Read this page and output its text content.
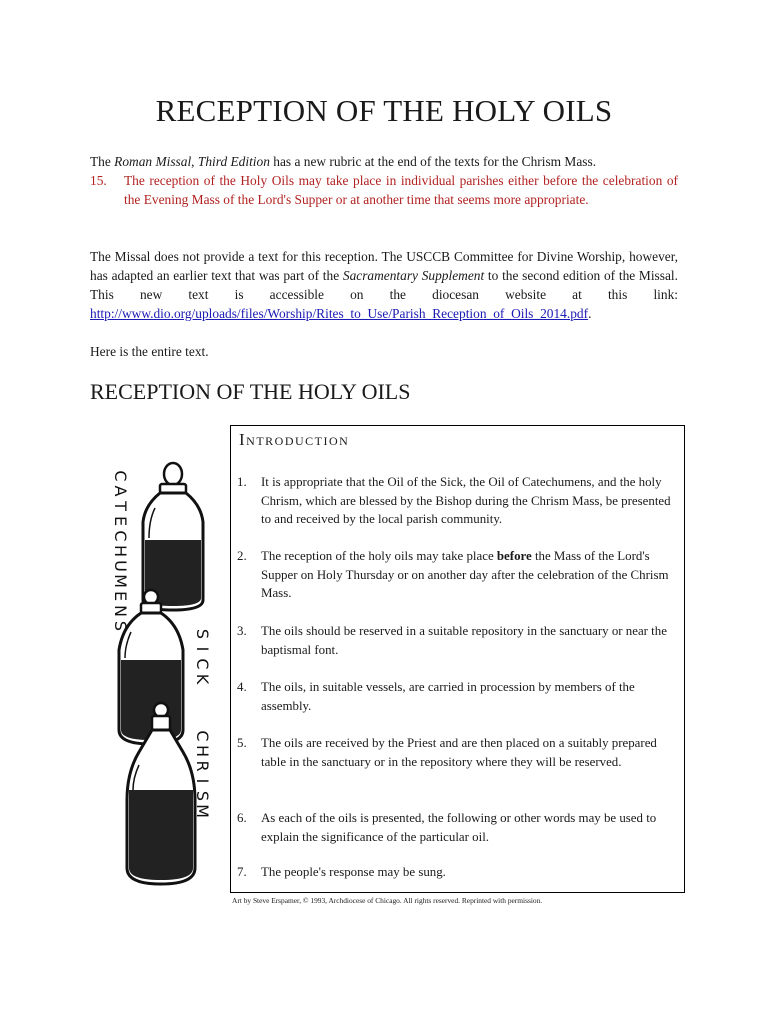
RECEPTION OF THE HOLY OILS

The Roman Missal, Third Edition has a new rubric at the end of the texts for the Chrism Mass.

15. The reception of the Holy Oils may take place in individual parishes either before the celebration of the Evening Mass of the Lord's Supper or at another time that seems more appropriate.

The Missal does not provide a text for this reception. The USCCB Committee for Divine Worship, however, has adapted an earlier text that was part of the Sacramentary Supplement to the second edition of the Missal. This new text is accessible on the diocesan website at this link: http://www.dio.org/uploads/files/Worship/Rites_to_Use/Parish_Reception_of_Oils_2014.pdf.

Here is the entire text.

RECEPTION OF THE HOLY OILS
C
A
T
E
C
H
U
M
E
N
S
S
I
C
K
C
H
R
I
S
M
Introduction
1. It is appropriate that the Oil of the Sick, the Oil of Catechumens, and the holy Chrism, which are blessed by the Bishop during the Chrism Mass, be presented to and received by the local parish community.
2. The reception of the holy oils may take place before the Mass of the Lord's Supper on Holy Thursday or on another day after the celebration of the Chrism Mass.
3. The oils should be reserved in a suitable repository in the sanctuary or near the baptismal font.
4. The oils, in suitable vessels, are carried in procession by members of the assembly.
5. The oils are received by the Priest and are then placed on a suitably prepared table in the sanctuary or in the repository where they will be reserved.
6. As each of the oils is presented, the following or other words may be used to explain the significance of the particular oil.
7. The people's response may be sung.

Art by Steve Erspamer, © 1993, Archdiocese of Chicago. All rights reserved. Reprinted with permission.
